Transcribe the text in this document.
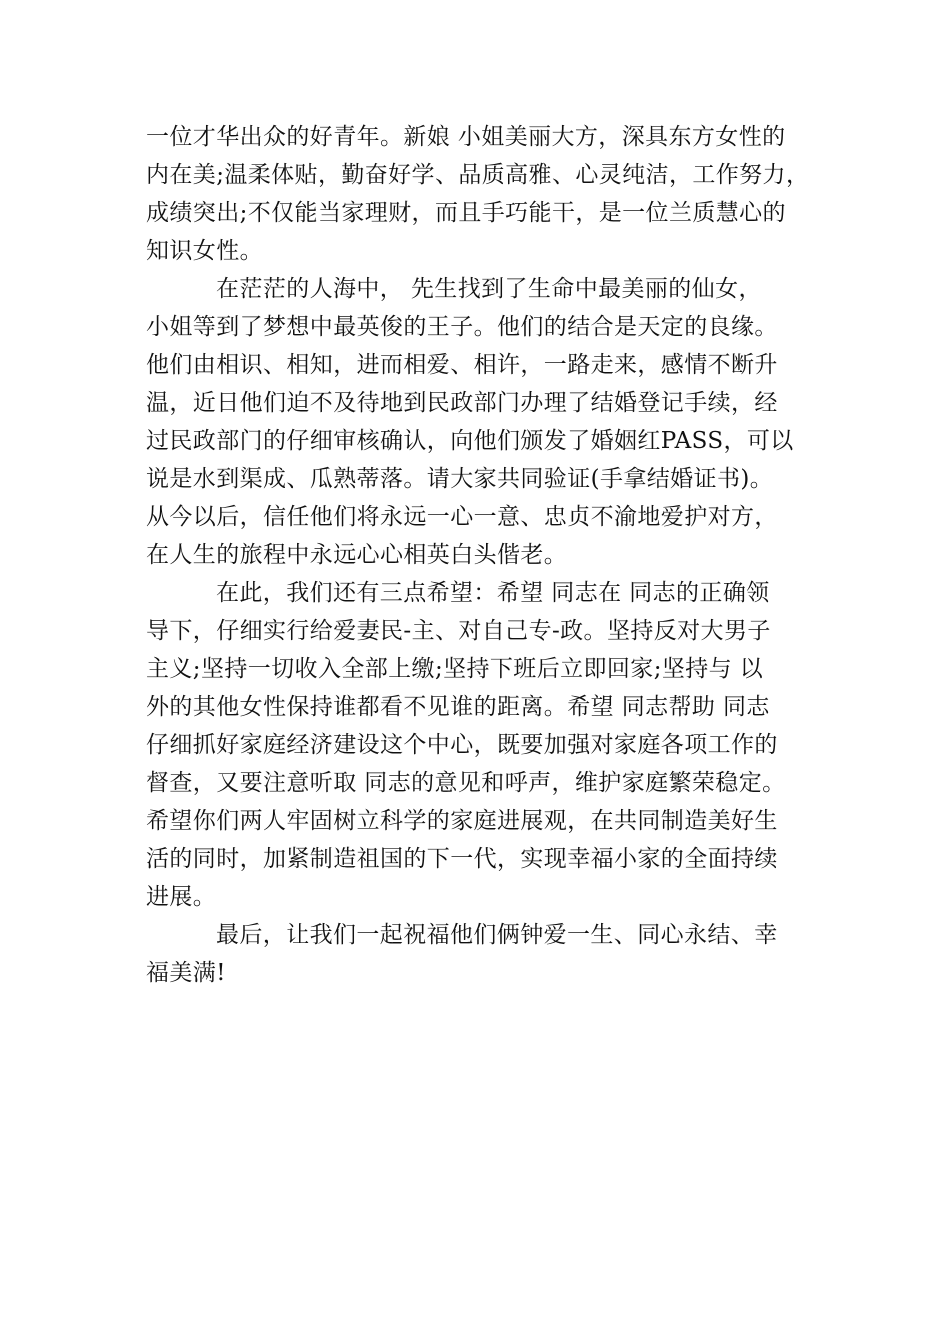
一位才华出众的好青年。新娘 小姐美丽大方，深具东方女性的
内在美;温柔体贴，勤奋好学、品质高雅、心灵纯洁，工作努力，
成绩突出;不仅能当家理财，而且手巧能干，是一位兰质慧心的
知识女性。
在茫茫的人海中， 先生找到了生命中最美丽的仙女，
小姐等到了梦想中最英俊的王子。他们的结合是天定的良缘。
他们由相识、相知，进而相爱、相许，一路走来，感情不断升
温，近日他们迫不及待地到民政部门办理了结婚登记手续，经
过民政部门的仔细审核确认，向他们颁发了婚姻红PASS，可以
说是水到渠成、瓜熟蒂落。请大家共同验证(手拿结婚证书)。
从今以后，信任他们将永远一心一意、忠贞不渝地爱护对方，
在人生的旅程中永远心心相英白头偕老。
在此，我们还有三点希望：希望 同志在 同志的正确领
导下，仔细实行给爱妻民-主、对自己专-政。坚持反对大男子
主义;坚持一切收入全部上缴;坚持下班后立即回家;坚持与 以
外的其他女性保持谁都看不见谁的距离。希望 同志帮助 同志
仔细抓好家庭经济建设这个中心，既要加强对家庭各项工作的
督查，又要注意听取 同志的意见和呼声，维护家庭繁荣稳定。
希望你们两人牢固树立科学的家庭进展观，在共同制造美好生
活的同时，加紧制造祖国的下一代，实现幸福小家的全面持续
进展。
最后，让我们一起祝福他们俩钟爱一生、同心永结、幸
福美满!
